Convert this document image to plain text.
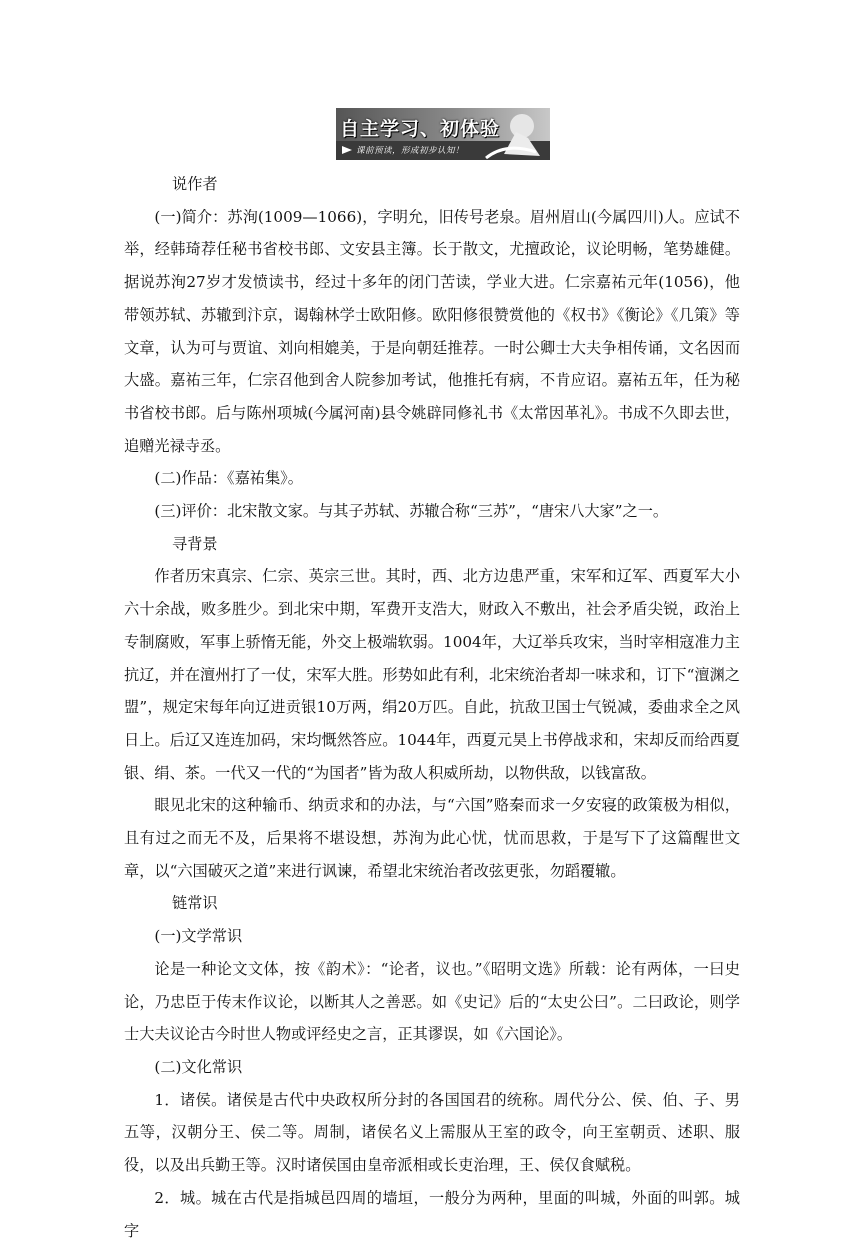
自主学习、初体验
课前预读，形成初步认知！

说作者

(一)简介：苏洵(1009—1066)，字明允，旧传号老泉。眉州眉山(今属四川)人。应试不举，经韩琦荐任秘书省校书郎、文安县主簿。长于散文，尤擅政论，议论明畅，笔势雄健。据说苏洵27岁才发愤读书，经过十多年的闭门苦读，学业大进。仁宗嘉祐元年(1056)，他带领苏轼、苏辙到汴京，谒翰林学士欧阳修。欧阳修很赞赏他的《权书》《衡论》《几策》等文章，认为可与贾谊、刘向相媲美，于是向朝廷推荐。一时公卿士大夫争相传诵，文名因而大盛。嘉祐三年，仁宗召他到舍人院参加考试，他推托有病，不肯应诏。嘉祐五年，任为秘书省校书郎。后与陈州项城(今属河南)县令姚辟同修礼书《太常因革礼》。书成不久即去世，追赠光禄寺丞。

(二)作品：《嘉祐集》。

(三)评价：北宋散文家。与其子苏轼、苏辙合称“三苏”，“唐宋八大家”之一。

寻背景

作者历宋真宗、仁宗、英宗三世。其时，西、北方边患严重，宋军和辽军、西夏军大小六十余战，败多胜少。到北宋中期，军费开支浩大，财政入不敷出，社会矛盾尖锐，政治上专制腐败，军事上骄惰无能，外交上极端软弱。1004年，大辽举兵攻宋，当时宰相寇准力主抗辽，并在澶州打了一仗，宋军大胜。形势如此有利，北宋统治者却一味求和，订下“澶渊之盟”，规定宋每年向辽进贡银10万两，绢20万匹。自此，抗敌卫国士气锐减，委曲求全之风日上。后辽又连连加码，宋均慨然答应。1044年，西夏元昊上书停战求和，宋却反而给西夏银、绢、茶。一代又一代的“为国者”皆为敌人积威所劫，以物供敌，以钱富敌。

眼见北宋的这种输币、纳贡求和的办法，与“六国”赂秦而求一夕安寝的政策极为相似，且有过之而无不及，后果将不堪设想，苏洵为此心忧，忧而思救，于是写下了这篇醒世文章，以“六国破灭之道”来进行讽谏，希望北宋统治者改弦更张，勿蹈覆辙。

链常识

(一)文学常识

论是一种论文文体，按《韵术》：“论者，议也。”《昭明文选》所载：论有两体，一曰史论，乃忠臣于传末作议论，以断其人之善恶。如《史记》后的“太史公曰”。二曰政论，则学士大夫议论古今时世人物或评经史之言，正其谬误，如《六国论》。

(二)文化常识

1．诸侯。诸侯是古代中央政权所分封的各国国君的统称。周代分公、侯、伯、子、男五等，汉朝分王、侯二等。周制，诸侯名义上需服从王室的政令，向王室朝贡、述职、服役，以及出兵勤王等。汉时诸侯国由皇帝派相或长吏治理，王、侯仅食赋税。

2．城。城在古代是指城邑四周的墙垣，一般分为两种，里面的叫城，外面的叫郭。城字
